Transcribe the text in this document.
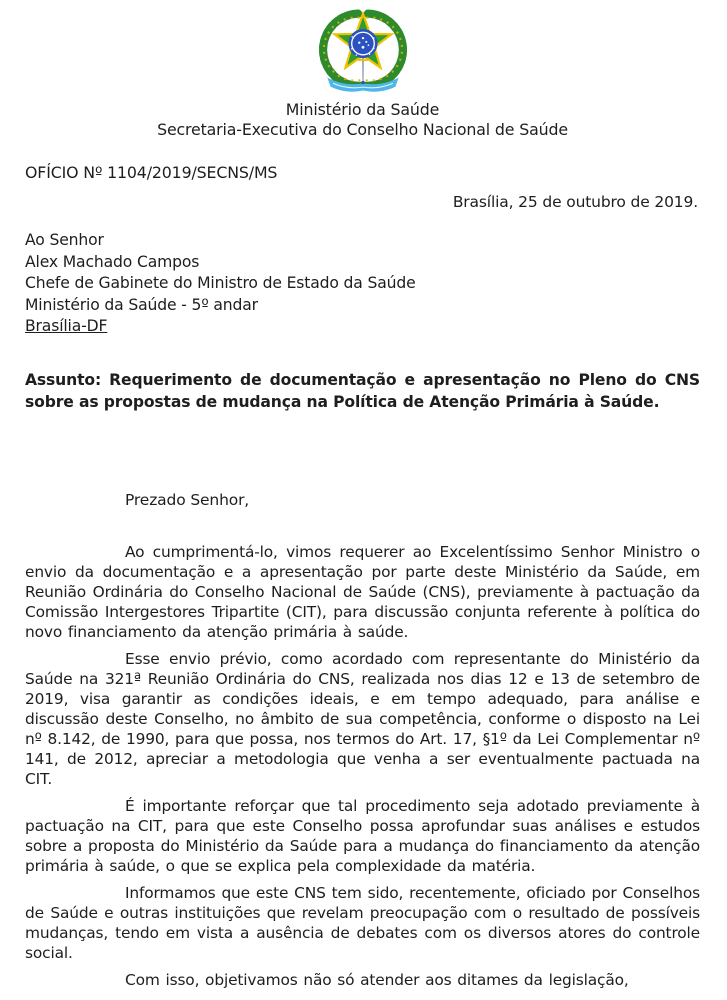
Ministério da Saúde
Secretaria-Executiva do Conselho Nacional de Saúde
OFÍCIO Nº 1104/2019/SECNS/MS
Brasília, 25 de outubro de 2019.
Ao Senhor
Alex Machado Campos
Chefe de Gabinete do Ministro de Estado da Saúde
Ministério da Saúde - 5º andar
Brasília-DF
Assunto: Requerimento de documentação e apresentação no Pleno do CNS sobre as propostas de mudança na Política de Atenção Primária à Saúde.
Prezado Senhor,

Ao cumprimentá-lo, vimos requerer ao Excelentíssimo Senhor Ministro o envio da documentação e a apresentação por parte deste Ministério da Saúde, em Reunião Ordinária do Conselho Nacional de Saúde (CNS), previamente à pactuação da Comissão Intergestores Tripartite (CIT), para discussão conjunta referente à política do novo financiamento da atenção primária à saúde.

Esse envio prévio, como acordado com representante do Ministério da Saúde na 321ª Reunião Ordinária do CNS, realizada nos dias 12 e 13 de setembro de 2019, visa garantir as condições ideais, e em tempo adequado, para análise e discussão deste Conselho, no âmbito de sua competência, conforme o disposto na Lei nº 8.142, de 1990, para que possa, nos termos do Art. 17, §1º da Lei Complementar nº 141, de 2012, apreciar a metodologia que venha a ser eventualmente pactuada na CIT.

É importante reforçar que tal procedimento seja adotado previamente à pactuação na CIT, para que este Conselho possa aprofundar suas análises e estudos sobre a proposta do Ministério da Saúde para a mudança do financiamento da atenção primária à saúde, o que se explica pela complexidade da matéria.

Informamos que este CNS tem sido, recentemente, oficiado por Conselhos de Saúde e outras instituições que revelam preocupação com o resultado de possíveis mudanças, tendo em vista a ausência de debates com os diversos atores do controle social.

Com isso, objetivamos não só atender aos ditames da legislação,
